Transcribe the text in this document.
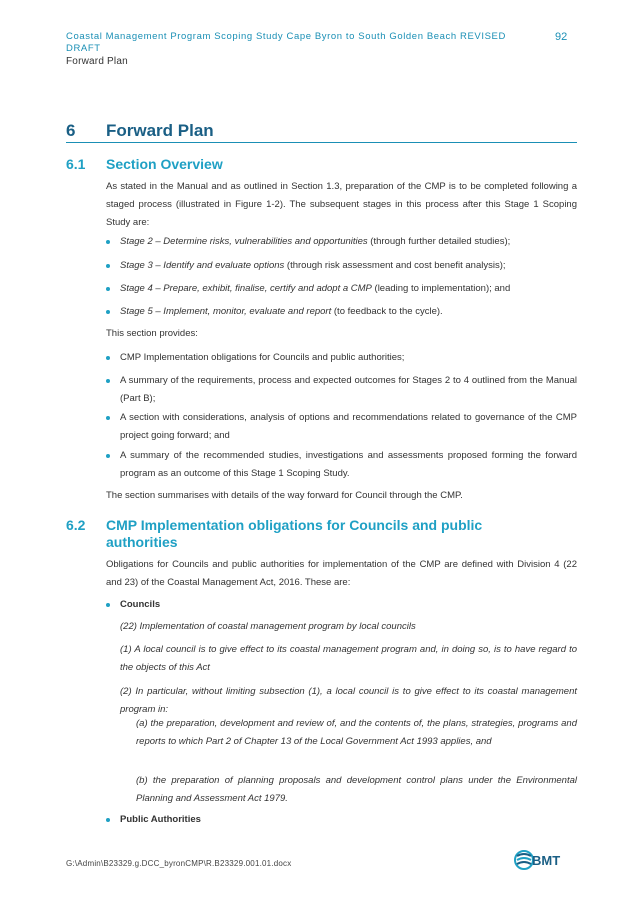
Coastal Management Program Scoping Study Cape Byron to South Golden Beach REVISED DRAFT
92
Forward Plan
6 Forward Plan
6.1 Section Overview
As stated in the Manual and as outlined in Section 1.3, preparation of the CMP is to be completed following a staged process (illustrated in Figure 1-2). The subsequent stages in this process after this Stage 1 Scoping Study are:
Stage 2 – Determine risks, vulnerabilities and opportunities (through further detailed studies);
Stage 3 – Identify and evaluate options (through risk assessment and cost benefit analysis);
Stage 4 – Prepare, exhibit, finalise, certify and adopt a CMP (leading to implementation); and
Stage 5 – Implement, monitor, evaluate and report (to feedback to the cycle).
This section provides:
CMP Implementation obligations for Councils and public authorities;
A summary of the requirements, process and expected outcomes for Stages 2 to 4 outlined from the Manual (Part B);
A section with considerations, analysis of options and recommendations related to governance of the CMP project going forward; and
A summary of the recommended studies, investigations and assessments proposed forming the forward program as an outcome of this Stage 1 Scoping Study.
The section summarises with details of the way forward for Council through the CMP.
6.2 CMP Implementation obligations for Councils and public authorities
Obligations for Councils and public authorities for implementation of the CMP are defined with Division 4 (22 and 23) of the Coastal Management Act, 2016. These are:
Councils
(22) Implementation of coastal management program by local councils
(1) A local council is to give effect to its coastal management program and, in doing so, is to have regard to the objects of this Act
(2) In particular, without limiting subsection (1), a local council is to give effect to its coastal management program in:
(a) the preparation, development and review of, and the contents of, the plans, strategies, programs and reports to which Part 2 of Chapter 13 of the Local Government Act 1993 applies, and
(b) the preparation of planning proposals and development control plans under the Environmental Planning and Assessment Act 1979.
Public Authorities
G:\Admin\B23329.g.DCC_byronCMP\R.B23329.001.01.docx	BMT
